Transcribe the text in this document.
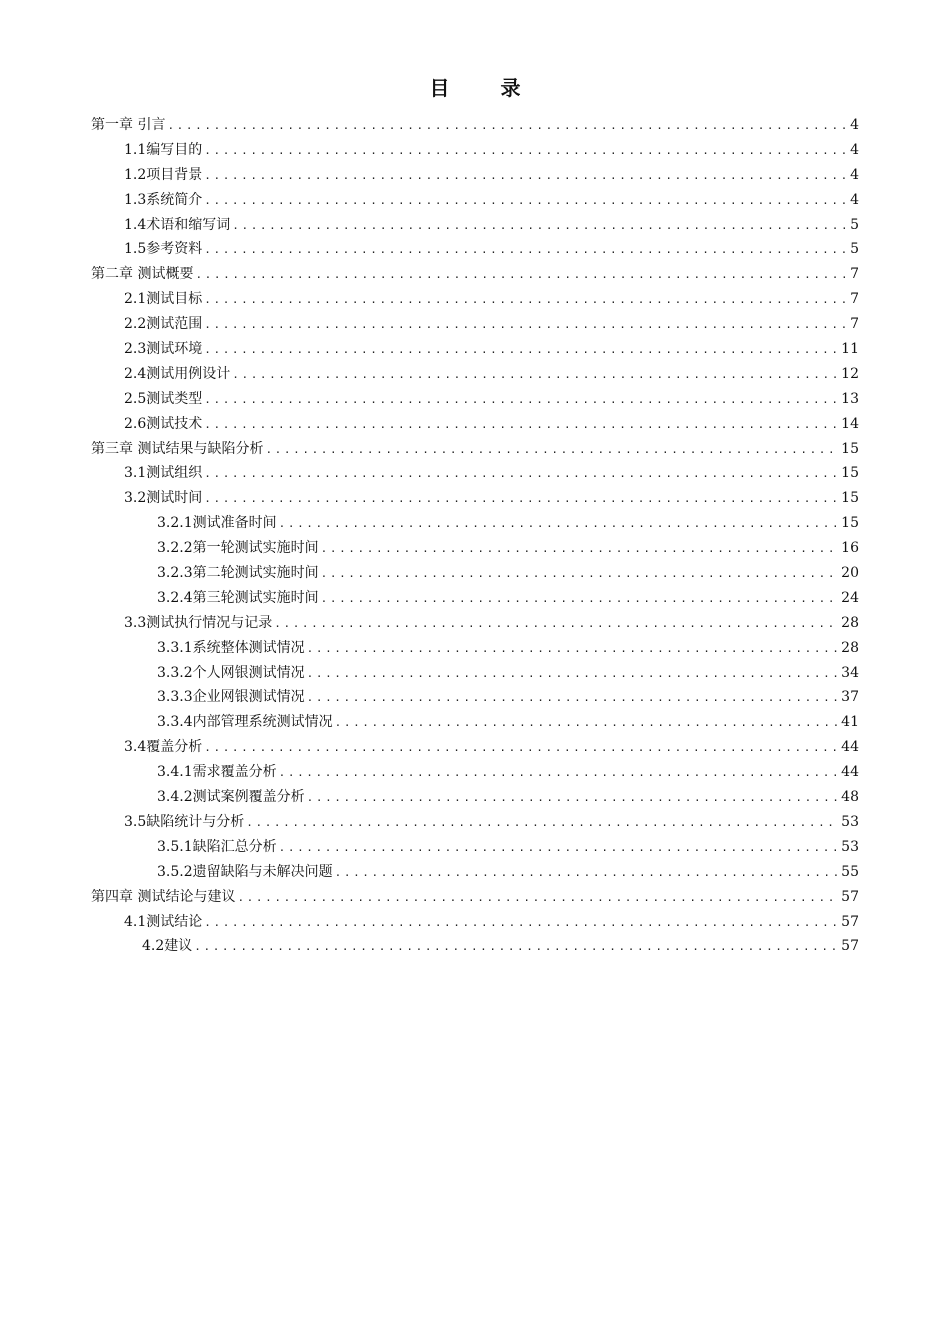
目 录
第一章 引言 .....	4
1.1编写目的 .....	4
1.2项目背景 .....	4
1.3系统简介 .....	4
1.4术语和缩写词 .....	5
1.5参考资料 .....	5
第二章 测试概要 .....	7
2.1测试目标 .....	7
2.2测试范围 .....	7
2.3测试环境 .....	11
2.4测试用例设计 .....	12
2.5测试类型 .....	13
2.6测试技术 .....	14
第三章 测试结果与缺陷分析 .....	15
3.1测试组织 .....	15
3.2测试时间 .....	15
3.2.1测试准备时间 .....	15
3.2.2第一轮测试实施时间 .....	16
3.2.3第二轮测试实施时间 .....	20
3.2.4第三轮测试实施时间 .....	24
3.3测试执行情况与记录 .....	28
3.3.1系统整体测试情况 .....	28
3.3.2个人网银测试情况 .....	34
3.3.3企业网银测试情况 .....	37
3.3.4内部管理系统测试情况 .....	41
3.4覆盖分析 .....	44
3.4.1需求覆盖分析 .....	44
3.4.2测试案例覆盖分析 .....	48
3.5缺陷统计与分析 .....	53
3.5.1缺陷汇总分析 .....	53
3.5.2遗留缺陷与未解决问题 .....	55
第四章 测试结论与建议 .....	57
4.1测试结论 .....	57
4.2建议 .....	57
